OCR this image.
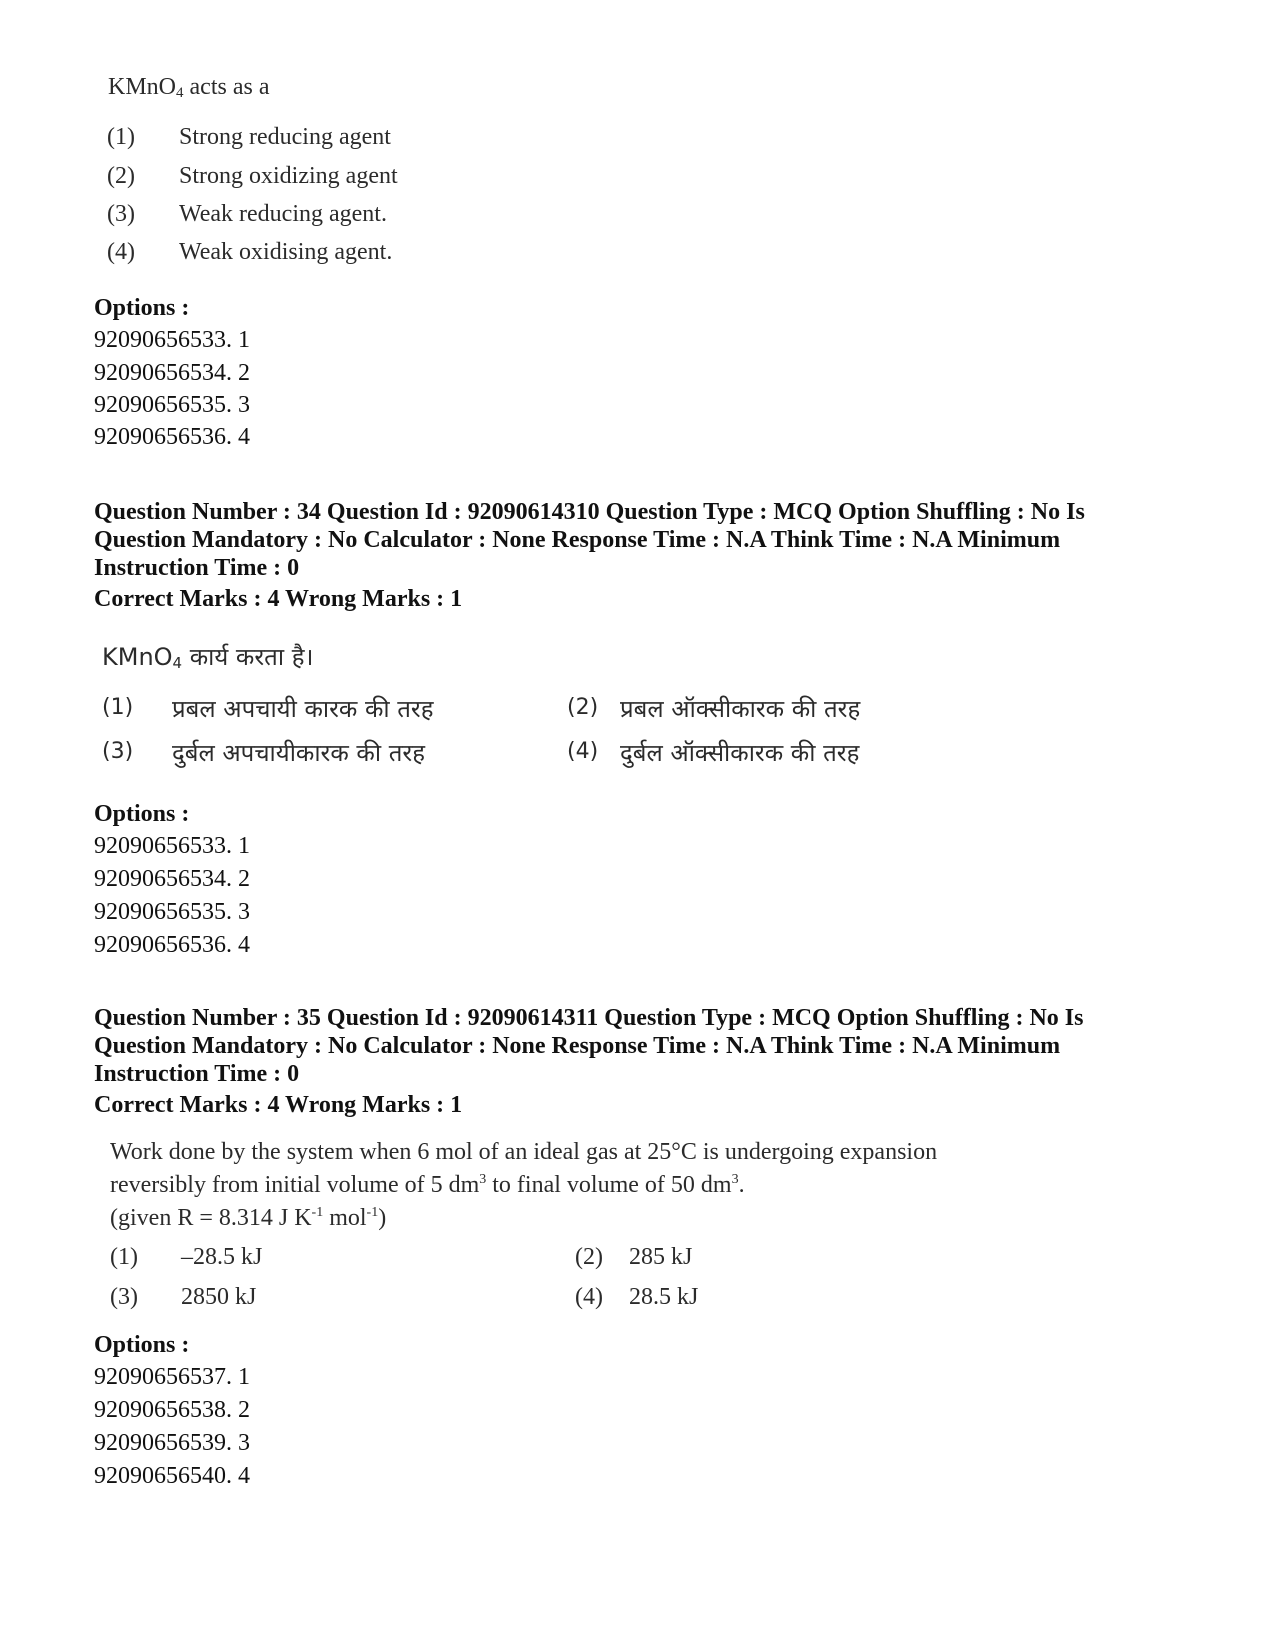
KMnO$_4$ acts as a
(1) Strong reducing agent
(2) Strong oxidizing agent
(3) Weak reducing agent.
(4) Weak oxidising agent.
Options :
92090656533. 1
92090656534. 2
92090656535. 3
92090656536. 4
Question Number : 34 Question Id : 92090614310 Question Type : MCQ Option Shuffling : No Is
Question Mandatory : No Calculator : None Response Time : N.A Think Time : N.A Minimum
Instruction Time : 0
Correct Marks : 4 Wrong Marks : 1
KMnO$_4$ कार्य करता है।
(1) प्रबल अपचायी कारक की तरह	(2) प्रबल ऑक्सीकारक की तरह
(3) दुर्बल अपचायीकारक की तरह	(4) दुर्बल ऑक्सीकारक की तरह
Options :
92090656533. 1
92090656534. 2
92090656535. 3
92090656536. 4
Question Number : 35 Question Id : 92090614311 Question Type : MCQ Option Shuffling : No Is
Question Mandatory : No Calculator : None Response Time : N.A Think Time : N.A Minimum
Instruction Time : 0
Correct Marks : 4 Wrong Marks : 1
Work done by the system when 6 mol of an ideal gas at 25°C is undergoing expansion
reversibly from initial volume of 5 $dm^3$ to final volume of 50 $dm^3$.
(given R = 8.314 J $K^{-1}$ mol$^{-1}$)
(1) –28.5 kJ	(2) 285 kJ
(3) 2850 kJ	(4) 28.5 kJ
Options :
92090656537. 1
92090656538. 2
92090656539. 3
92090656540. 4
